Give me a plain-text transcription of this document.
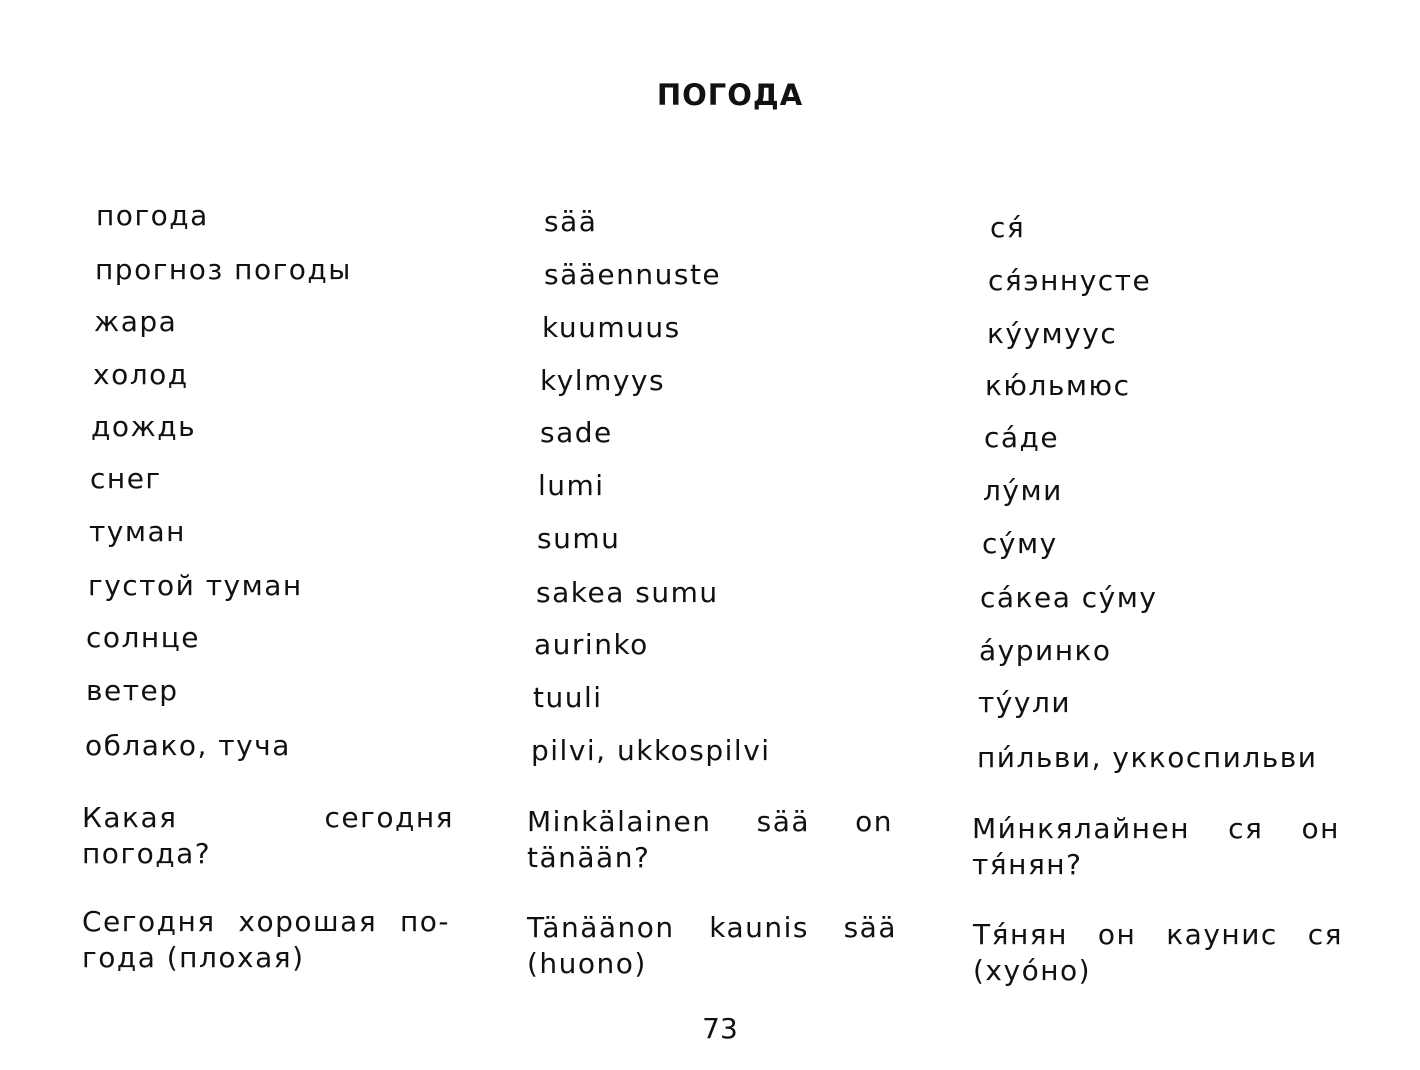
ПОГОДА
погода
прогноз погоды
жара
холод
дождь
снег
туман
густой туман
солнце
ветер
облако, туча
sää
sääennuste
kuumuus
kylmyys
sade
lumi
sumu
sakea sumu
aurinko
tuuli
pilvi, ukkospilvi
ся́
ся́эннусте
ку́умуус
кю́льмюс
са́де
лу́ми
су́му
са́кеа су́му
а́уринко
ту́ули
пи́льви, уккоспильви
Какая сегодня погода?
Minkälainen sää on tänään?
Ми́нкялайнен ся он тя́нян?
Сегодня хорошая по-года (плохая)
Tänäänon kaunis sää (huono)
Тя́нян он каунис ся (хуо́но)
73
